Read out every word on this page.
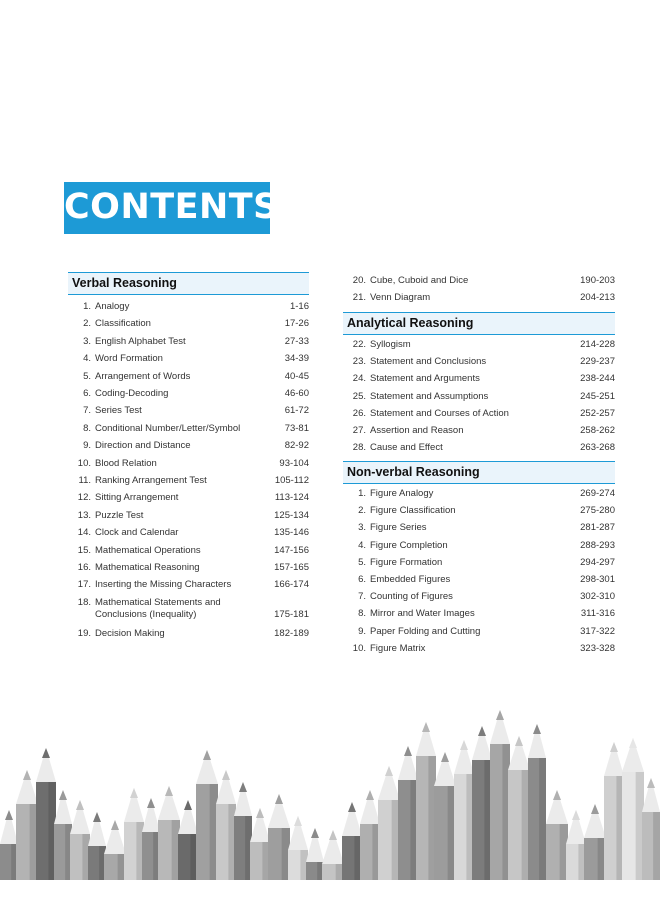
CONTENTS
Verbal Reasoning
1. Analogy	1-16
2. Classification	17-26
3. English Alphabet Test	27-33
4. Word Formation	34-39
5. Arrangement of Words	40-45
6. Coding-Decoding	46-60
7. Series Test	61-72
8. Conditional Number/Letter/Symbol	73-81
9. Direction and Distance	82-92
10. Blood Relation	93-104
11. Ranking Arrangement Test	105-112
12. Sitting Arrangement	113-124
13. Puzzle Test	125-134
14. Clock and Calendar	135-146
15. Mathematical Operations	147-156
16. Mathematical Reasoning	157-165
17. Inserting the Missing Characters	166-174
18. Mathematical Statements and
Conclusions (Inequality)	175-181
19. Decision Making	182-189
20. Cube, Cuboid and Dice	190-203
21. Venn Diagram	204-213
Analytical Reasoning
22. Syllogism	214-228
23. Statement and Conclusions	229-237
24. Statement and Arguments	238-244
25. Statement and Assumptions	245-251
26. Statement and Courses of Action	252-257
27. Assertion and Reason	258-262
28. Cause and Effect	263-268
Non-verbal Reasoning
1. Figure Analogy	269-274
2. Figure Classification	275-280
3. Figure Series	281-287
4. Figure Completion	288-293
5. Figure Formation	294-297
6. Embedded Figures	298-301
7. Counting of Figures	302-310
8. Mirror and Water Images	311-316
9. Paper Folding and Cutting	317-322
10. Figure Matrix	323-328
